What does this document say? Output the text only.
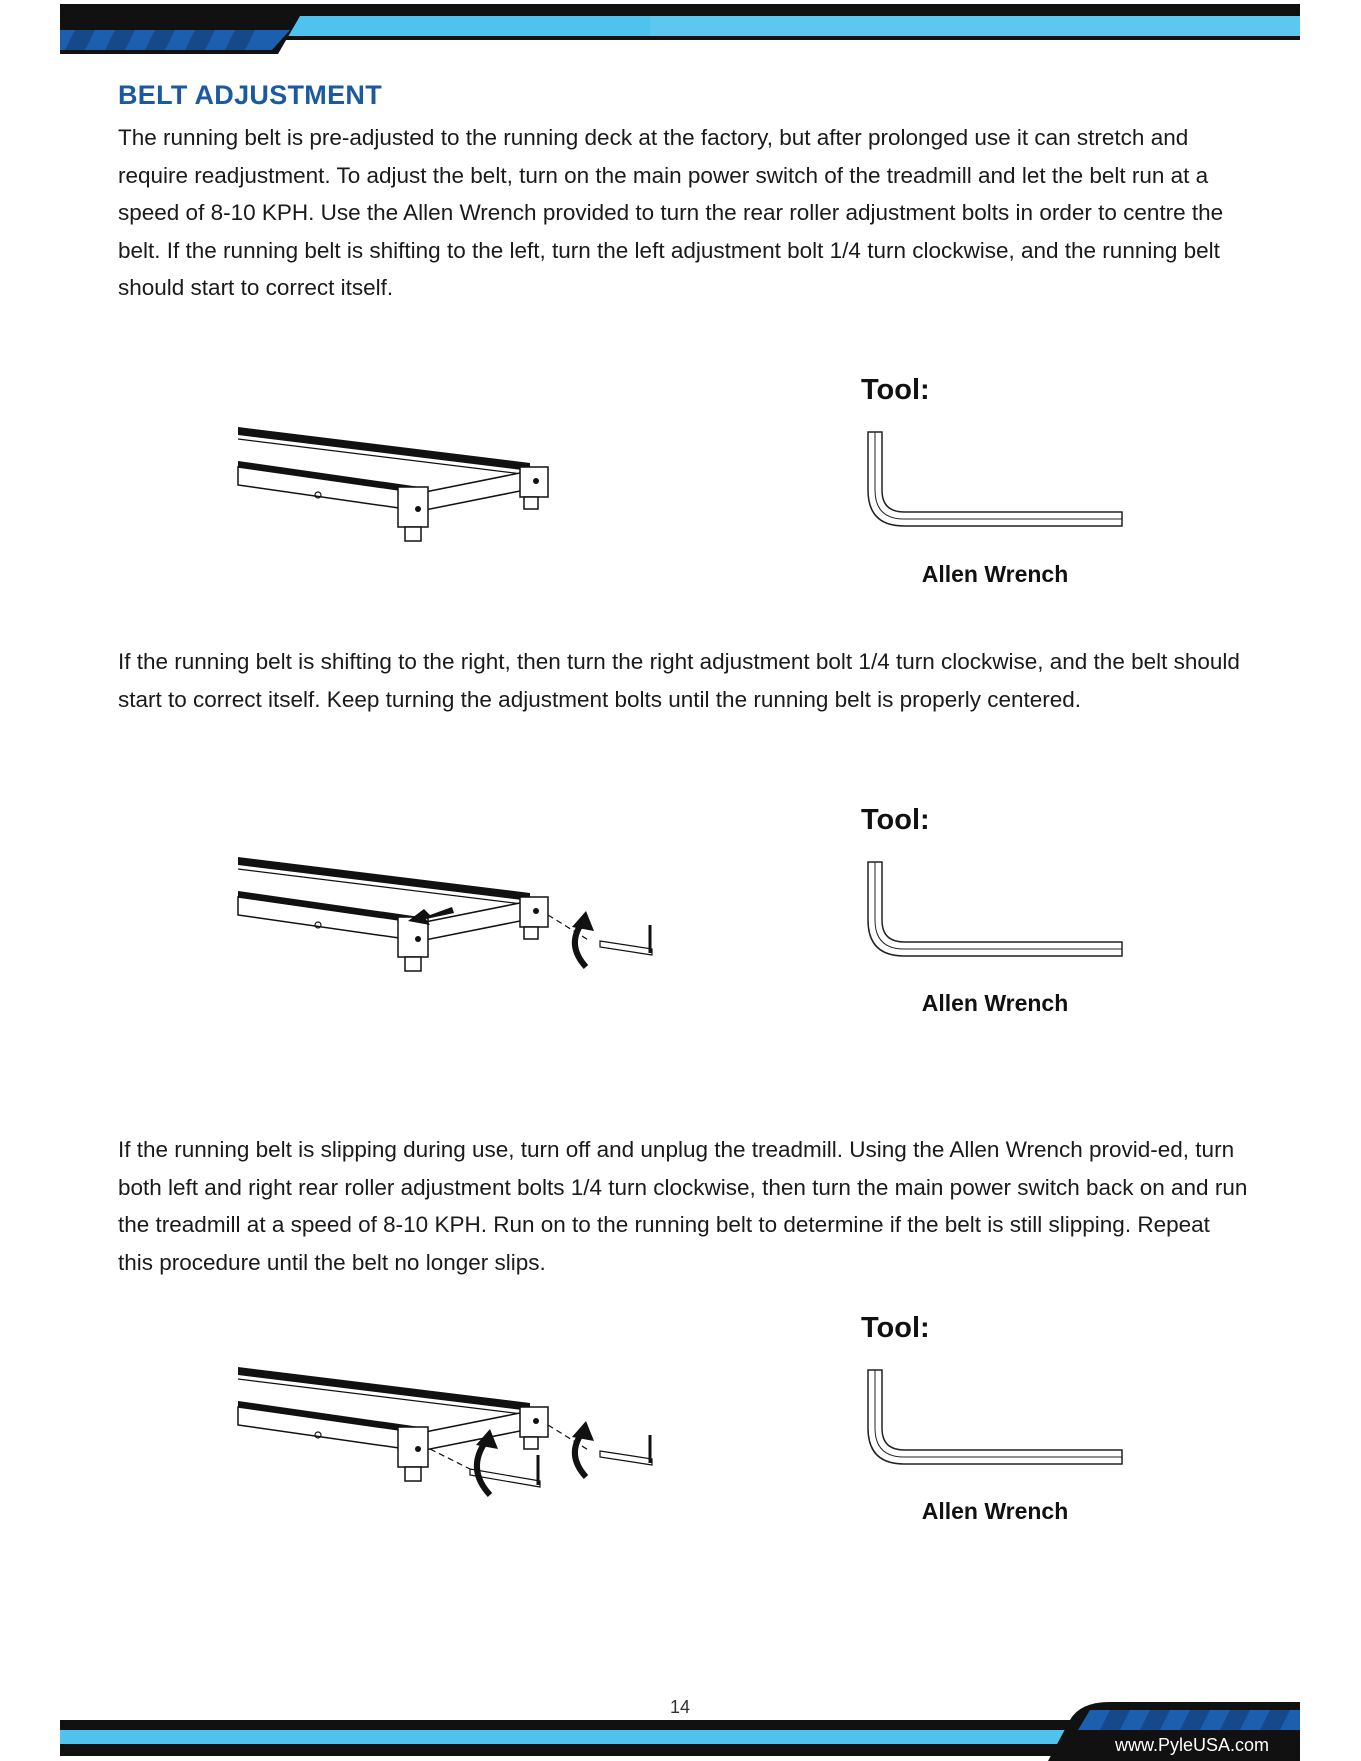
BELT ADJUSTMENT

The running belt is pre-adjusted to the running deck at the factory, but after prolonged use it can stretch and require readjustment. To adjust the belt, turn on the main power switch of the treadmill and let the belt run at a speed of 8-10 KPH. Use the Allen Wrench provided to turn the rear roller adjustment bolts in order to centre the belt. If the running belt is shifting to the left, turn the left adjustment bolt 1/4 turn clockwise, and the running belt should start to correct itself.

Tool:
Allen Wrench

If the running belt is shifting to the right, then turn the right adjustment bolt 1/4 turn clockwise, and the belt should start to correct itself. Keep turning the adjustment bolts until the running belt is properly centered.

Tool:
Allen Wrench

If the running belt is slipping during use, turn off and unplug the treadmill. Using the Allen Wrench provid-ed, turn both left and right rear roller adjustment bolts 1/4 turn clockwise, then turn the main power switch back on and run the treadmill at a speed of 8-10 KPH. Run on to the running belt to determine if the belt is still slipping. Repeat this procedure until the belt no longer slips.

Tool:
Allen Wrench
14
www.PyleUSA.com
